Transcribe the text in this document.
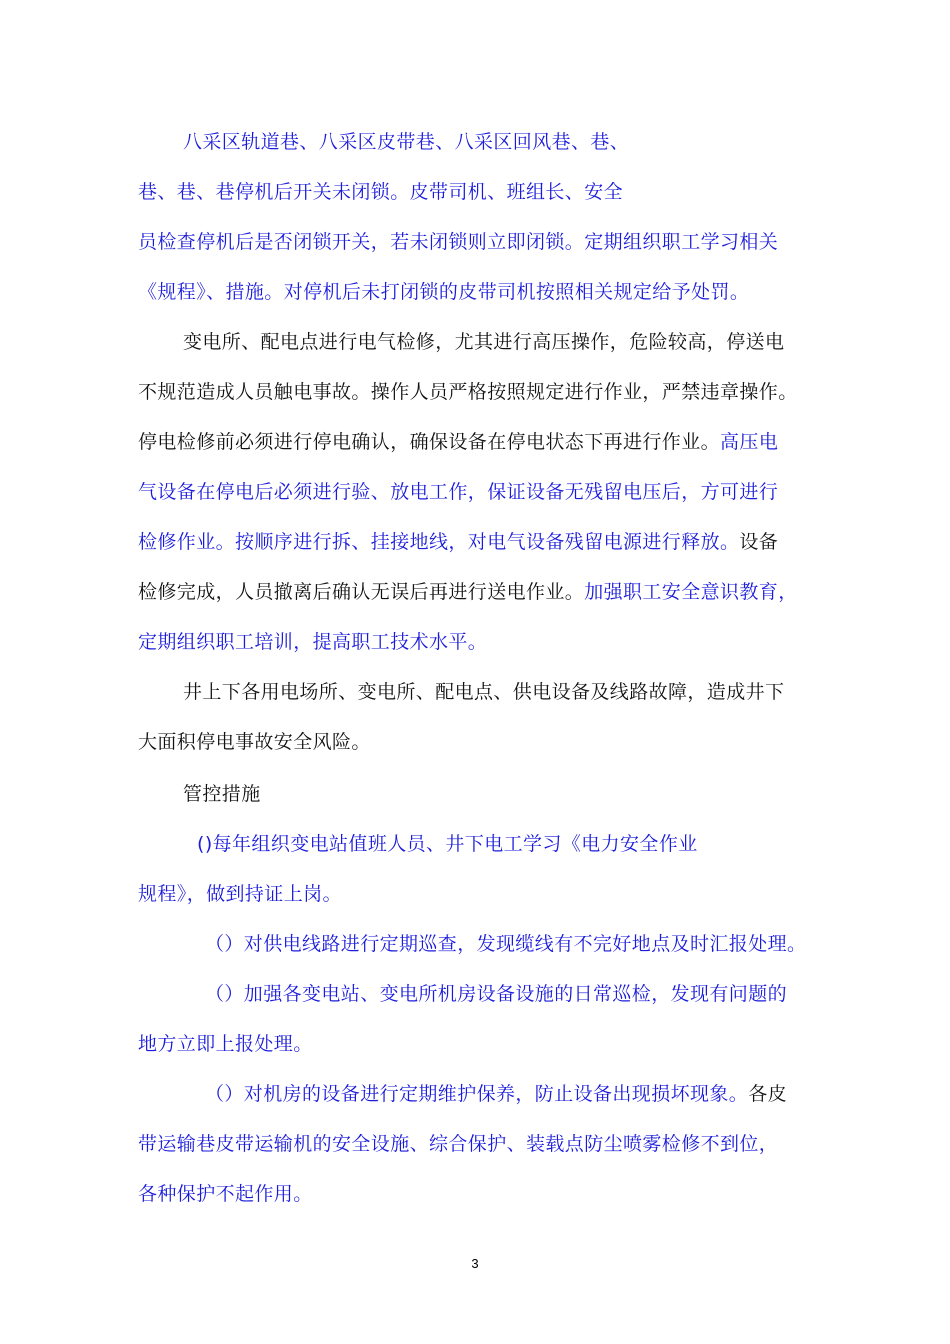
八采区轨道巷、八采区皮带巷、八采区回风巷、巷、
巷、巷、巷停机后开关未闭锁。皮带司机、班组长、安全
员检查停机后是否闭锁开关，若未闭锁则立即闭锁。定期组织职工学习相关
《规程》、措施。对停机后未打闭锁的皮带司机按照相关规定给予处罚。
变电所、配电点进行电气检修，尤其进行高压操作，危险较高，停送电
不规范造成人员触电事故。操作人员严格按照规定进行作业，严禁违章操作。
停电检修前必须进行停电确认，确保设备在停电状态下再进行作业。高压电
气设备在停电后必须进行验、放电工作，保证设备无残留电压后，方可进行
检修作业。按顺序进行拆、挂接地线，对电气设备残留电源进行释放。设备
检修完成，人员撤离后确认无误后再进行送电作业。加强职工安全意识教育，
定期组织职工培训，提高职工技术水平。
井上下各用电场所、变电所、配电点、供电设备及线路故障，造成井下
大面积停电事故安全风险。
管控措施
()每年组织变电站值班人员、井下电工学习《电力安全作业
规程》，做到持证上岗。
（）对供电线路进行定期巡查，发现缆线有不完好地点及时汇报处理。
（）加强各变电站、变电所机房设备设施的日常巡检，发现有问题的
地方立即上报处理。
（）对机房的设备进行定期维护保养，防止设备出现损坏现象。各皮
带运输巷皮带运输机的安全设施、综合保护、装载点防尘喷雾检修不到位，
各种保护不起作用。
3
